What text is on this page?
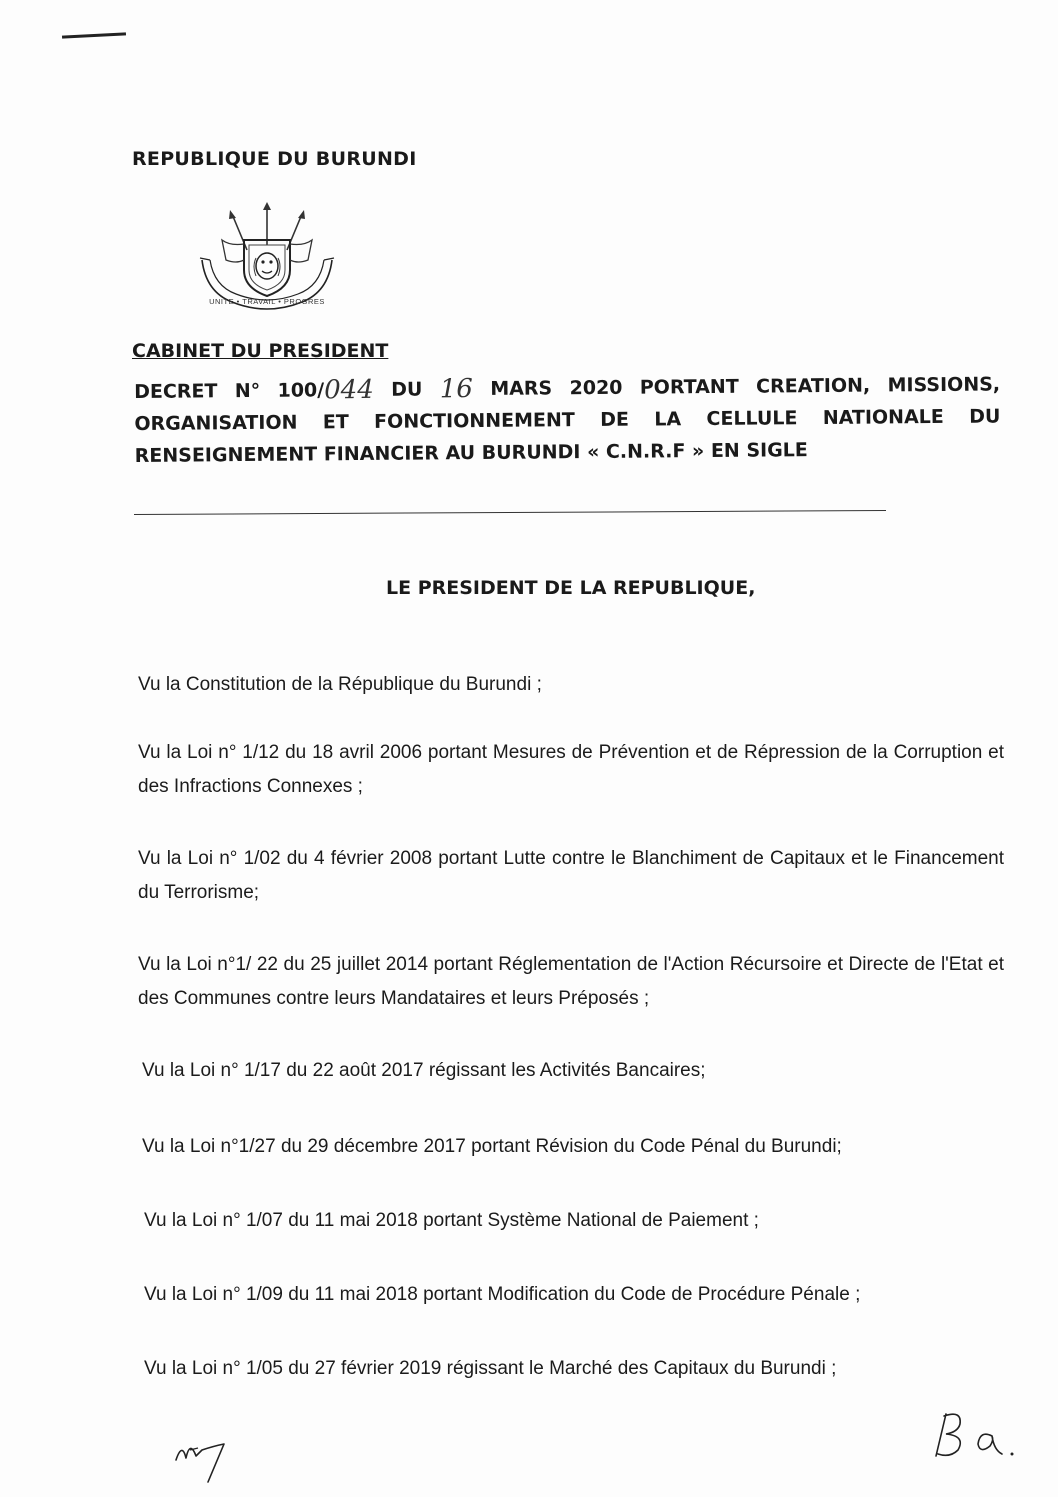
REPUBLIQUE DU BURUNDI
UNITE • TRAVAIL • PROGRES
CABINET DU PRESIDENT
DECRET N° 100/044 DU 16 MARS 2020 PORTANT CREATION, MISSIONS,
ORGANISATION ET FONCTIONNEMENT DE LA CELLULE NATIONALE DU
RENSEIGNEMENT FINANCIER AU BURUNDI « C.N.R.F » EN SIGLE
LE PRESIDENT DE LA REPUBLIQUE,
Vu la Constitution de la République du Burundi ;
Vu la Loi n° 1/12 du 18 avril 2006 portant Mesures de Prévention et de Répression de la Corruption et des Infractions Connexes ;
Vu la Loi n° 1/02 du 4 février 2008 portant Lutte contre le Blanchiment de Capitaux et le Financement du Terrorisme;
Vu la Loi n°1/ 22 du 25 juillet 2014 portant Réglementation de l'Action Récursoire et Directe de l'Etat et des Communes contre leurs Mandataires et leurs Préposés ;
Vu la Loi n° 1/17 du 22 août 2017 régissant les Activités Bancaires;
Vu la Loi n°1/27 du 29 décembre 2017 portant Révision du Code Pénal du Burundi;
Vu la Loi n° 1/07 du 11 mai 2018 portant Système National de Paiement ;
Vu la Loi n° 1/09 du 11 mai 2018 portant Modification du Code de Procédure Pénale ;
Vu la Loi n° 1/05 du 27 février 2019 régissant le Marché des Capitaux du Burundi ;
